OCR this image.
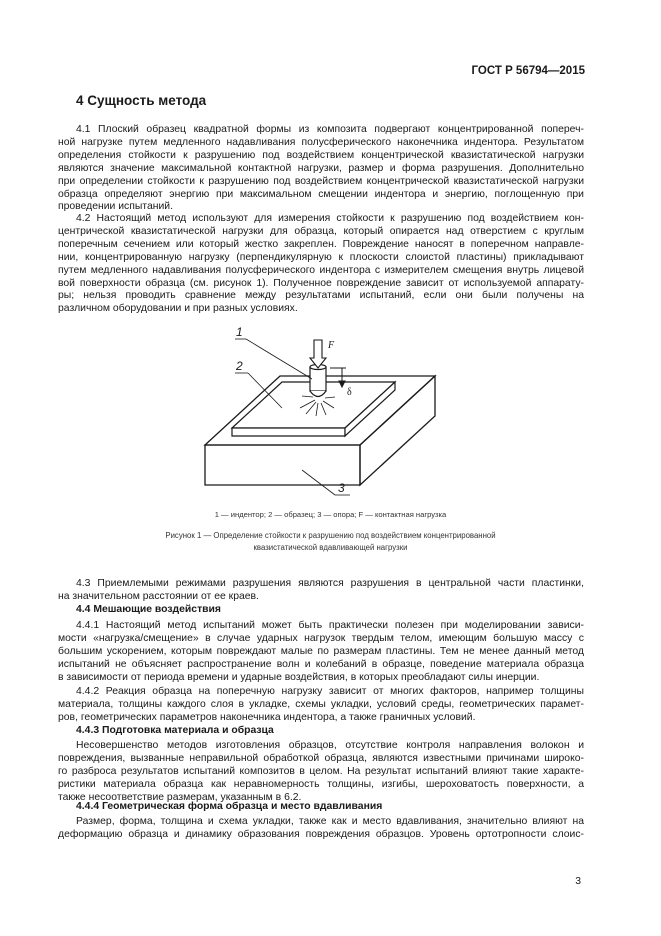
ГОСТ Р 56794—2015
4 Сущность метода
4.1 Плоский образец квадратной формы из композита подвергают концентрированной попереч-
ной нагрузке путем медленного надавливания полусферического наконечника индентора. Результатом
определения стойкости к разрушению под воздействием концентрической квазистатической нагрузки
являются значение максимальной контактной нагрузки, размер и форма разрушения. Дополнительно
при определении стойкости к разрушению под воздействием концентрической квазистатической нагрузки
образца определяют энергию при максимальном смещении индентора и энергию, поглощенную при
проведении испытаний.
4.2 Настоящий метод используют для измерения стойкости к разрушению под воздействием кон-
центрической квазистатической нагрузки для образца, который опирается над отверстием с круглым
поперечным сечением или который жестко закреплен. Повреждение наносят в поперечном направле-
нии, концентрированную нагрузку (перпендикулярную к плоскости слоистой пластины) прикладывают
путем медленного надавливания полусферического индентора с измерителем смещения внутрь лицевой
вой поверхности образца (см. рисунок 1). Полученное повреждение зависит от используемой аппарату-
ры; нельзя проводить сравнение между результатами испытаний, если они были получены на
различном оборудовании и при разных условиях.
F
δ
1
2
3
1 — индентор; 2 — образец; 3 — опора; F — контактная нагрузка
Рисунок 1 — Определение стойкости к разрушению под воздействием концентрированной
квазистатической вдавливающей нагрузки
4.3 Приемлемыми режимами разрушения являются разрушения в центральной части пластинки,
на значительном расстоянии от ее краев.
4.4 Мешающие воздействия
4.4.1 Настоящий метод испытаний может быть практически полезен при моделировании зависи-
мости «нагрузка/смещение» в случае ударных нагрузок твердым телом, имеющим большую массу с
большим ускорением, которым повреждают малые по размерам пластины. Тем не менее данный метод
испытаний не объясняет распространение волн и колебаний в образце, поведение материала образца
в зависимости от периода времени и ударные воздействия, в которых преобладают силы инерции.
4.4.2 Реакция образца на поперечную нагрузку зависит от многих факторов, например толщины
материала, толщины каждого слоя в укладке, схемы укладки, условий среды, геометрических парамет-
ров, геометрических параметров наконечника индентора, а также граничных условий.
4.4.3 Подготовка материала и образца
Несовершенство методов изготовления образцов, отсутствие контроля направления волокон и
повреждения, вызванные неправильной обработкой образца, являются известными причинами широко-
го разброса результатов испытаний композитов в целом. На результат испытаний влияют такие характе-
ристики материала образца как неравномерность толщины, изгибы, шероховатость поверхности, а
также несоответствие размерам, указанным в 6.2.
4.4.4 Геометрическая форма образца и место вдавливания
Размер, форма, толщина и схема укладки, также как и место вдавливания, значительно влияют на
деформацию образца и динамику образования повреждения образцов. Уровень ортотропности слоис-
3
